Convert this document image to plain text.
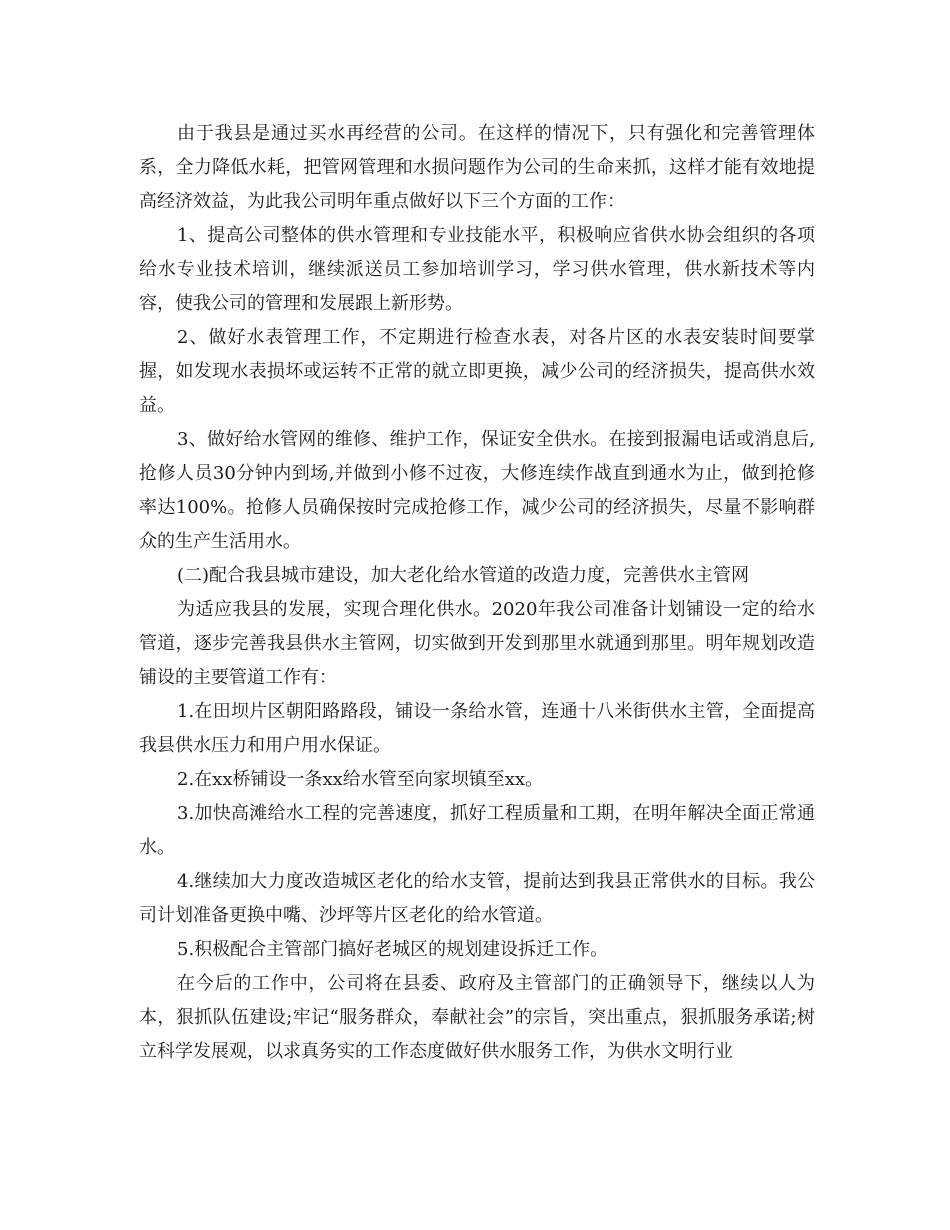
由于我县是通过买水再经营的公司。在这样的情况下，只有强化和完善管理体系，全力降低水耗，把管网管理和水损问题作为公司的生命来抓，这样才能有效地提高经济效益，为此我公司明年重点做好以下三个方面的工作：

1、提高公司整体的供水管理和专业技能水平，积极响应省供水协会组织的各项给水专业技术培训，继续派送员工参加培训学习，学习供水管理，供水新技术等内容，使我公司的管理和发展跟上新形势。

2、做好水表管理工作，不定期进行检查水表，对各片区的水表安装时间要掌握，如发现水表损坏或运转不正常的就立即更换，减少公司的经济损失，提高供水效益。

3、做好给水管网的维修、维护工作，保证安全供水。在接到报漏电话或消息后,抢修人员30分钟内到场,并做到小修不过夜，大修连续作战直到通水为止，做到抢修率达100%。抢修人员确保按时完成抢修工作，减少公司的经济损失，尽量不影响群众的生产生活用水。

(二)配合我县城市建设，加大老化给水管道的改造力度，完善供水主管网

为适应我县的发展，实现合理化供水。2020年我公司准备计划铺设一定的给水管道，逐步完善我县供水主管网，切实做到开发到那里水就通到那里。明年规划改造铺设的主要管道工作有：

1.在田坝片区朝阳路路段，铺设一条给水管，连通十八米街供水主管，全面提高我县供水压力和用户用水保证。

2.在xx桥铺设一条xx给水管至向家坝镇至xx。

3.加快高滩给水工程的完善速度，抓好工程质量和工期，在明年解决全面正常通水。

4.继续加大力度改造城区老化的给水支管，提前达到我县正常供水的目标。我公司计划准备更换中嘴、沙坪等片区老化的给水管道。

5.积极配合主管部门搞好老城区的规划建设拆迁工作。

在今后的工作中，公司将在县委、政府及主管部门的正确领导下，继续以人为本，狠抓队伍建设;牢记“服务群众，奉献社会”的宗旨，突出重点，狠抓服务承诺;树立科学发展观，以求真务实的工作态度做好供水服务工作，为供水文明行业
